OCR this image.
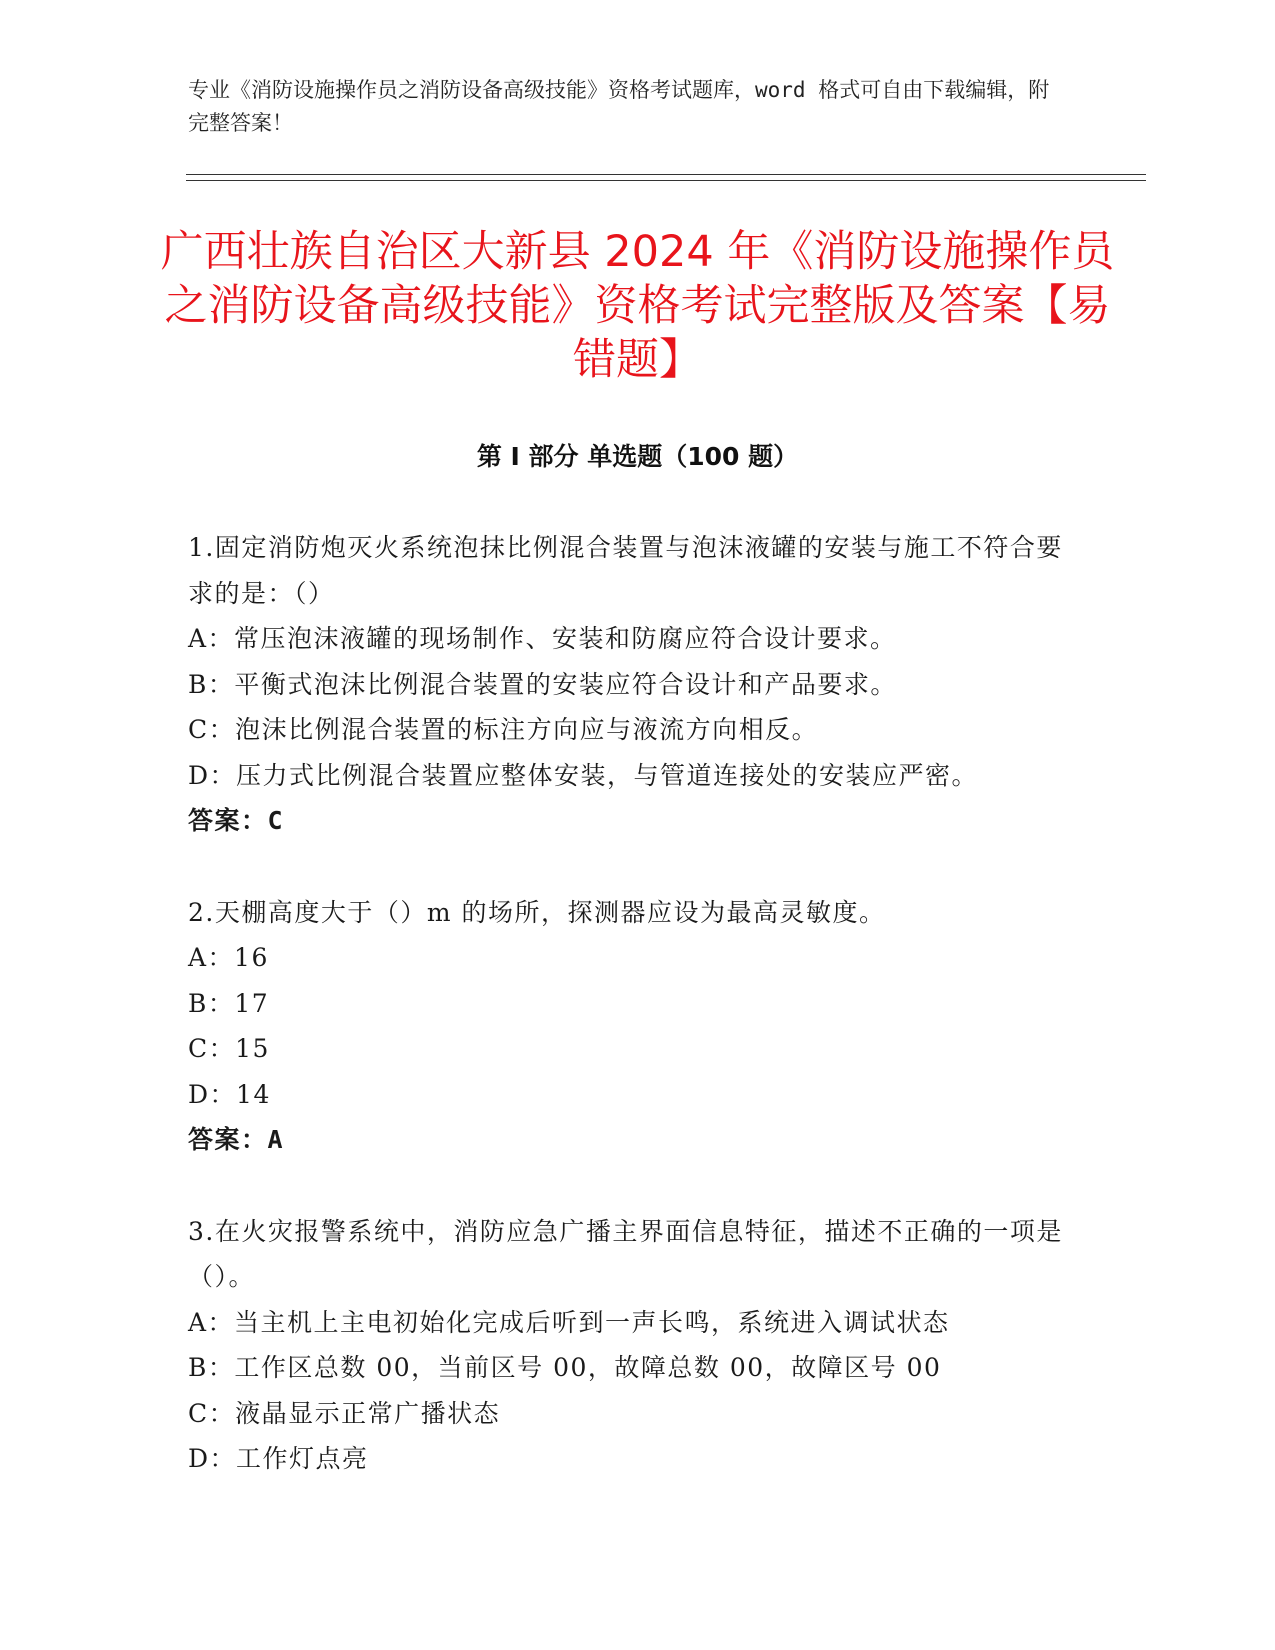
专业《消防设施操作员之消防设备高级技能》资格考试题库，word 格式可自由下载编辑，附完整答案！
广西壮族自治区大新县 2024 年《消防设施操作员之消防设备高级技能》资格考试完整版及答案【易错题】
第 I 部分 单选题（100 题）

1.固定消防炮灭火系统泡抹比例混合装置与泡沫液罐的安装与施工不符合要求的是：（）

A：常压泡沫液罐的现场制作、安装和防腐应符合设计要求。

B：平衡式泡沫比例混合装置的安装应符合设计和产品要求。

C：泡沫比例混合装置的标注方向应与液流方向相反。

D：压力式比例混合装置应整体安装，与管道连接处的安装应严密。

答案：C

2.天棚高度大于（）m 的场所，探测器应设为最高灵敏度。

A：16

B：17

C：15

D：14

答案：A

3.在火灾报警系统中，消防应急广播主界面信息特征，描述不正确的一项是（）。

A：当主机上主电初始化完成后听到一声长鸣，系统进入调试状态

B：工作区总数 00，当前区号 00，故障总数 00，故障区号 00

C：液晶显示正常广播状态

D：工作灯点亮
